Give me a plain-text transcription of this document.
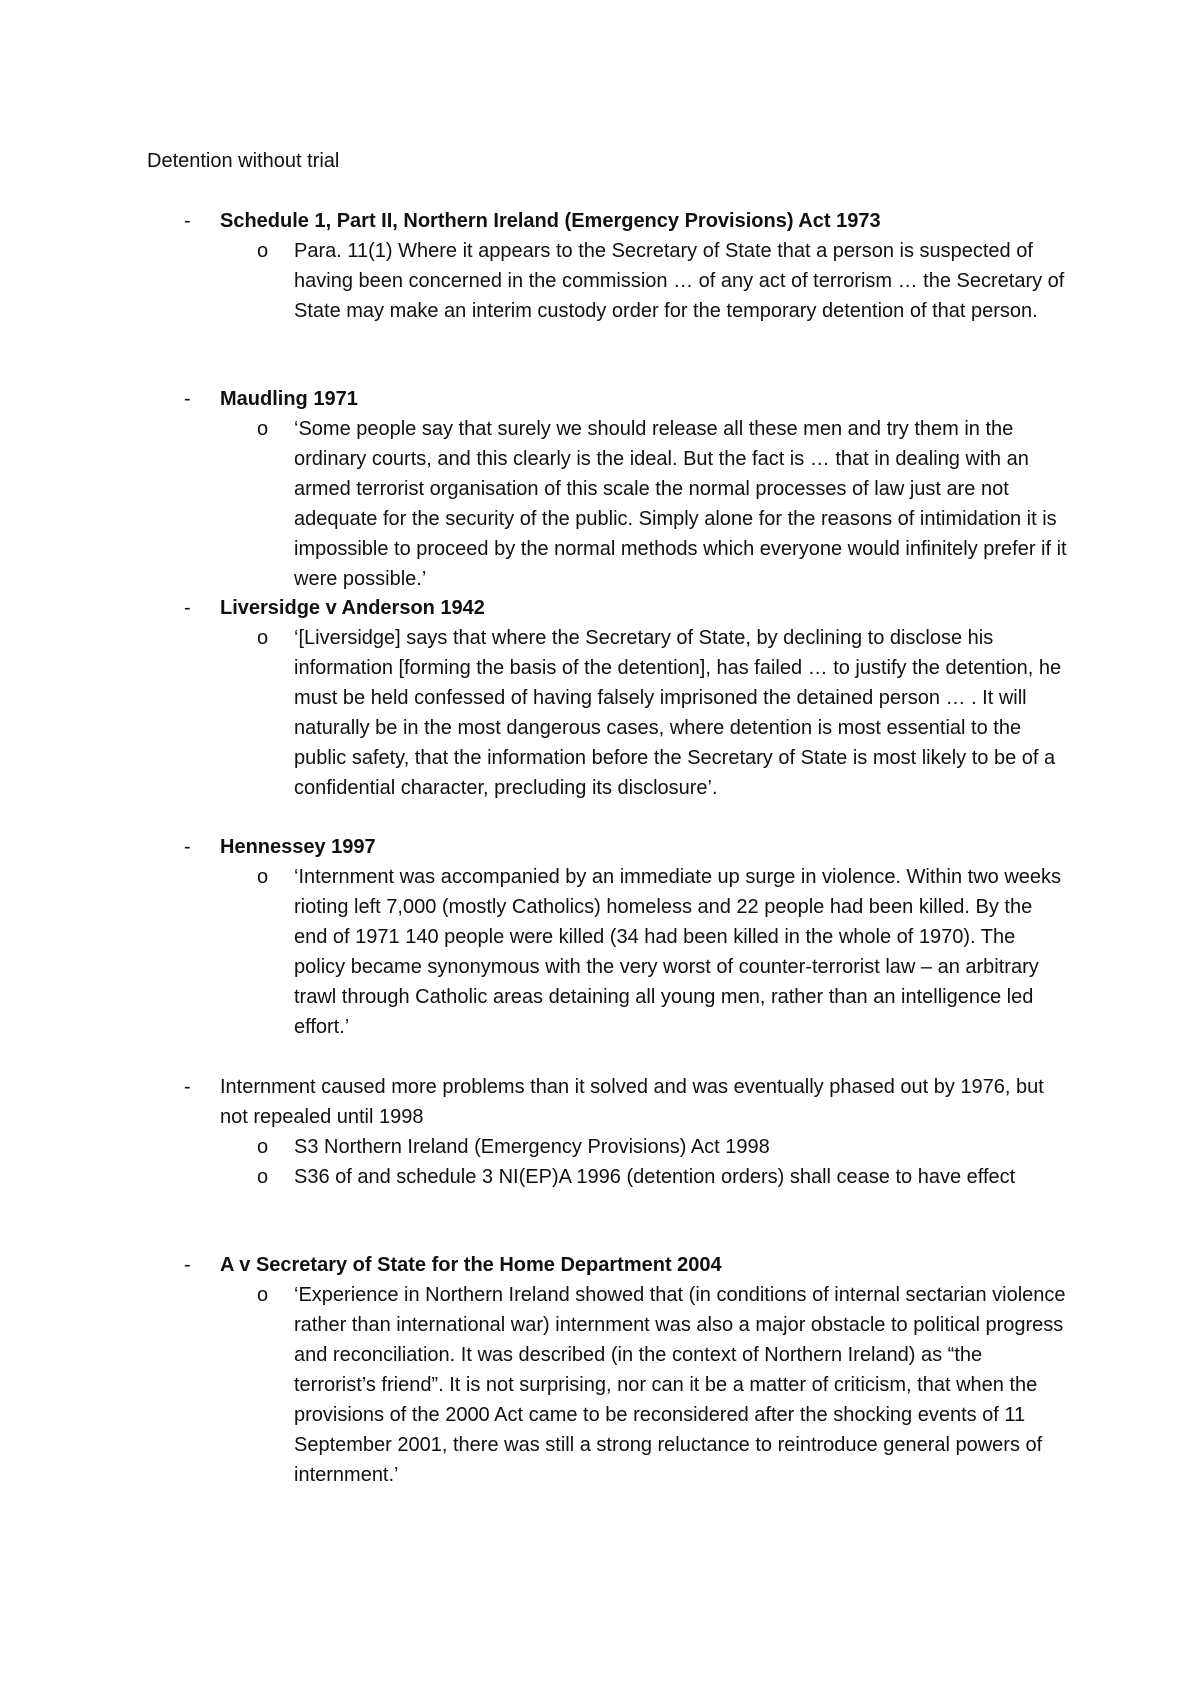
Detention without trial
- Schedule 1, Part II, Northern Ireland (Emergency Provisions) Act 1973
o Para. 11(1) Where it appears to the Secretary of State that a person is suspected of having been concerned in the commission … of any act of terrorism … the Secretary of State may make an interim custody order for the temporary detention of that person.
- Maudling 1971
o ‘Some people say that surely we should release all these men and try them in the ordinary courts, and this clearly is the ideal. But the fact is … that in dealing with an armed terrorist organisation of this scale the normal processes of law just are not adequate for the security of the public. Simply alone for the reasons of intimidation it is impossible to proceed by the normal methods which everyone would infinitely prefer if it were possible.’
- Liversidge v Anderson 1942
o ‘[Liversidge] says that where the Secretary of State, by declining to disclose his information [forming the basis of the detention], has failed … to justify the detention, he must be held confessed of having falsely imprisoned the detained person … . It will naturally be in the most dangerous cases, where detention is most essential to the public safety, that the information before the Secretary of State is most likely to be of a confidential character, precluding its disclosure’.
- Hennessey 1997
o ‘Internment was accompanied by an immediate up surge in violence. Within two weeks rioting left 7,000 (mostly Catholics) homeless and 22 people had been killed. By the end of 1971 140 people were killed (34 had been killed in the whole of 1970). The policy became synonymous with the very worst of counter-terrorist law – an arbitrary trawl through Catholic areas detaining all young men, rather than an intelligence led effort.’
- Internment caused more problems than it solved and was eventually phased out by 1976, but not repealed until 1998
o S3 Northern Ireland (Emergency Provisions) Act 1998
o S36 of and schedule 3 NI(EP)A 1996 (detention orders) shall cease to have effect
- A v Secretary of State for the Home Department 2004
o ‘Experience in Northern Ireland showed that (in conditions of internal sectarian violence rather than international war) internment was also a major obstacle to political progress and reconciliation. It was described (in the context of Northern Ireland) as “the terrorist’s friend”. It is not surprising, nor can it be a matter of criticism, that when the provisions of the 2000 Act came to be reconsidered after the shocking events of 11 September 2001, there was still a strong reluctance to reintroduce general powers of internment.’
